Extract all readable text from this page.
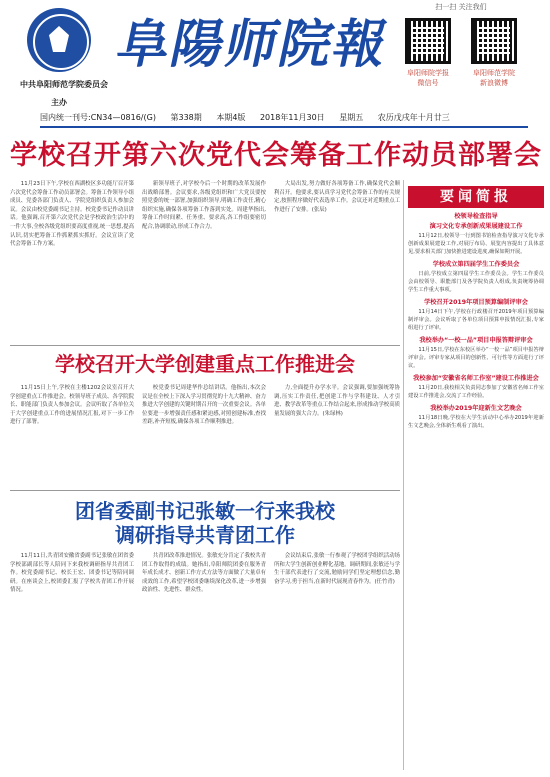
中共阜阳师范学院委员会
主办
阜陽师院報
扫一扫 关注我们
阜阳师院学报
微信号
阜阳师范学院
新浪微博
国内统一刊号:CN34—0816/(G) 第338期 本期4版 2018年11月30日 星期五 农历戊戌年十月廿三
学校召开第六次党代会筹备工作动员部署会

11月23日下午,学校在西湖校区多功能厅召开第六次党代会筹备工作动员部署会。筹备工作领导小组成员、党委各部门负责人、学院党组织负责人参加会议。会议由校党委副书记主持。校党委书记作动员讲话。他强调,召开第六次党代会是学校政治生活中的一件大事,全校各级党组织要高度重视,统一思想,提高认识,切实把筹备工作抓紧抓实抓好。会议宣读了党代会筹备工作方案。

新领导班子,对学校今后一个时期的改革发展作出战略部署。会议要求,各级党组织和广大党员要按照党委的统一部署,加强组织领导,明确工作责任,精心组织实施,确保各项筹备工作落到实处。周建华指出,筹备工作时间紧、任务重、要求高,各工作组要密切配合,协调联动,形成工作合力。

大局出发,努力做好各项筹备工作,确保党代会顺利召开。他要求,要认真学习党代会筹备工作的有关规定,按照程序做好代表选举工作。会议还对近期重点工作进行了安排。(张辰)

学校召开大学创建重点工作推进会

11月15日上午,学校在主楼1202会议室召开大学创建重点工作推进会。校领导班子成员、各学院院长、职能部门负责人参加会议。会议听取了各单位关于大学创建重点工作的进展情况汇报,对下一步工作进行了部署。

校党委书记周建华作总结讲话。他指出,本次会议是在全校上下深入学习贯彻党的十九大精神、奋力推进大学创建的关键时期召开的一次重要会议。各单位要进一步增强责任感和紧迫感,对照创建标准,查找差距,补齐短板,确保各项工作顺利推进。

力,全面提升办学水平。会议强调,要加强统筹协调,压实工作责任,把创建工作与学科建设、人才引进、教学改革等重点工作结合起来,形成推动学校高质量发展的强大合力。(朱绿林)

团省委副书记张敏一行来我校
调研指导共青团工作

11月11日,共青团安徽省委副书记张敏在团省委学校部副部长等人陪同下来我校调研指导共青团工作。校党委副书记、校长王宏、团委书记等陪同调研。在座谈会上,校团委汇报了学校共青团工作开展情况。

共青团改革推进情况。张敏充分肯定了我校共青团工作取得的成绩。她指出,阜阳师院团委在服务青年成长成才、创新工作方式方法等方面做了大量卓有成效的工作,希望学校团委继续深化改革,进一步增强政治性、先进性、群众性。

会议结束后,张敏一行参观了学校团学组织活动场所和大学生创新创业孵化基地。调研期间,张敏还与学生干部代表进行了交流,勉励同学们坚定理想信念,勤奋学习,勇于担当,在新时代展现青春作为。(任竹青)

要闻简报
校领导检查指导
演习文化专承创新成果展建设工作
11月12日,校领导一行到图书馆检查指导演习文化专承创新成果展建设工作,对展厅布局、展览内容提出了具体意见,要求相关部门加快推进建设进度,确保如期开展。
学校成立第四届学生工作委员会
日前,学校成立第四届学生工作委员会。学生工作委员会由校领导、职能部门及各学院负责人组成,负责统筹协调学生工作重大事项。
学校召开2019年项目预算编制评审会
11月14日下午,学校在行政楼召开2019年项目预算编制评审会。会议听取了各单位项目预算申报情况汇报,专家组进行了评审。
我校举办“一校一品”项目申报答辩评审会
11月15日,学校在东校区举办“一校一品”项目申报答辩评审会。评审专家从项目的创新性、可行性等方面进行了评议。
我校参加“安徽省名师工作室”建设工作推进会
11月20日,我校相关负责同志参加了安徽省名师工作室建设工作推进会,交流了工作经验。
我校举办2019年迎新生文艺晚会
11月18日晚,学校在大学生活动中心举办2019年迎新生文艺晚会,全体新生观看了演出。
